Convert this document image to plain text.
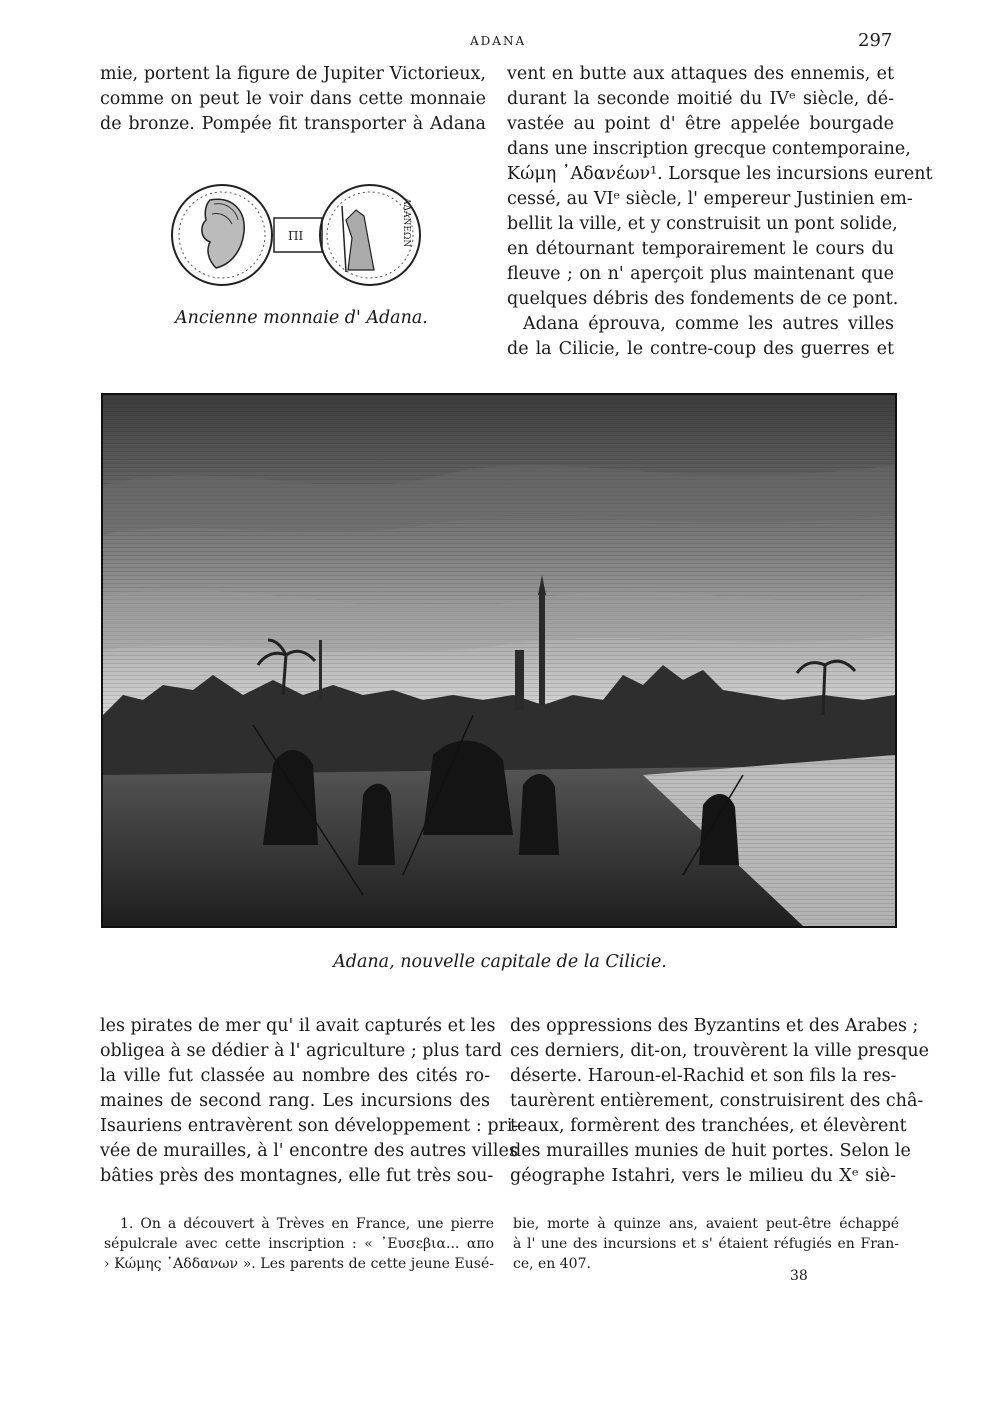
ADANA	297
mie, portent la figure de Jupiter Victorieux,
comme on peut le voir dans cette monnaie
de bronze. Pompée fit transporter à Adana
ПІ	ΑΔΑΝΕΩΝ
Ancienne monnaie d' Adana.
vent en butte aux attaques des ennemis, et
durant la seconde moitié du IVᵉ siècle, dé-
vastée au point d' être appelée bourgade
dans une inscription grecque contemporaine,
Κώμη ᾽Αδανέων¹. Lorsque les incursions eurent
cessé, au VIᵉ siècle, l' empereur Justinien em-
bellit la ville, et y construisit un pont solide,
en détournant temporairement le cours du
fleuve ; on n' aperçoit plus maintenant que
quelques débris des fondements de ce pont.
Adana éprouva, comme les autres villes
de la Cilicie, le contre-coup des guerres et
Adana, nouvelle capitale de la Cilicie.
les pirates de mer qu' il avait capturés et les
obligea à se dédier à l' agriculture ; plus tard
la ville fut classée au nombre des cités ro-
maines de second rang. Les incursions des
Isauriens entravèrent son développement : pri-
vée de murailles, à l' encontre des autres villes
bâties près des montagnes, elle fut très sou-
des oppressions des Byzantins et des Arabes ;
ces derniers, dit-on, trouvèrent la ville presque
déserte. Haroun-el-Rachid et son fils la res-
taurèrent entièrement, construisirent des châ-
teaux, formèrent des tranchées, et élevèrent
des murailles munies de huit portes. Selon le
géographe Istahri, vers le milieu du Xᵉ siè-
1. On a découvert à Trèves en France, une pierre
sépulcrale avec cette inscription : « ᾽Ευσεβια... απο
› Κώμης ᾽Αδδανων ». Les parents de cette jeune Eusé-
bie, morte à quinze ans, avaient peut-être échappé
à l' une des incursions et s' étaient réfugiés en Fran-
ce, en 407.
38
